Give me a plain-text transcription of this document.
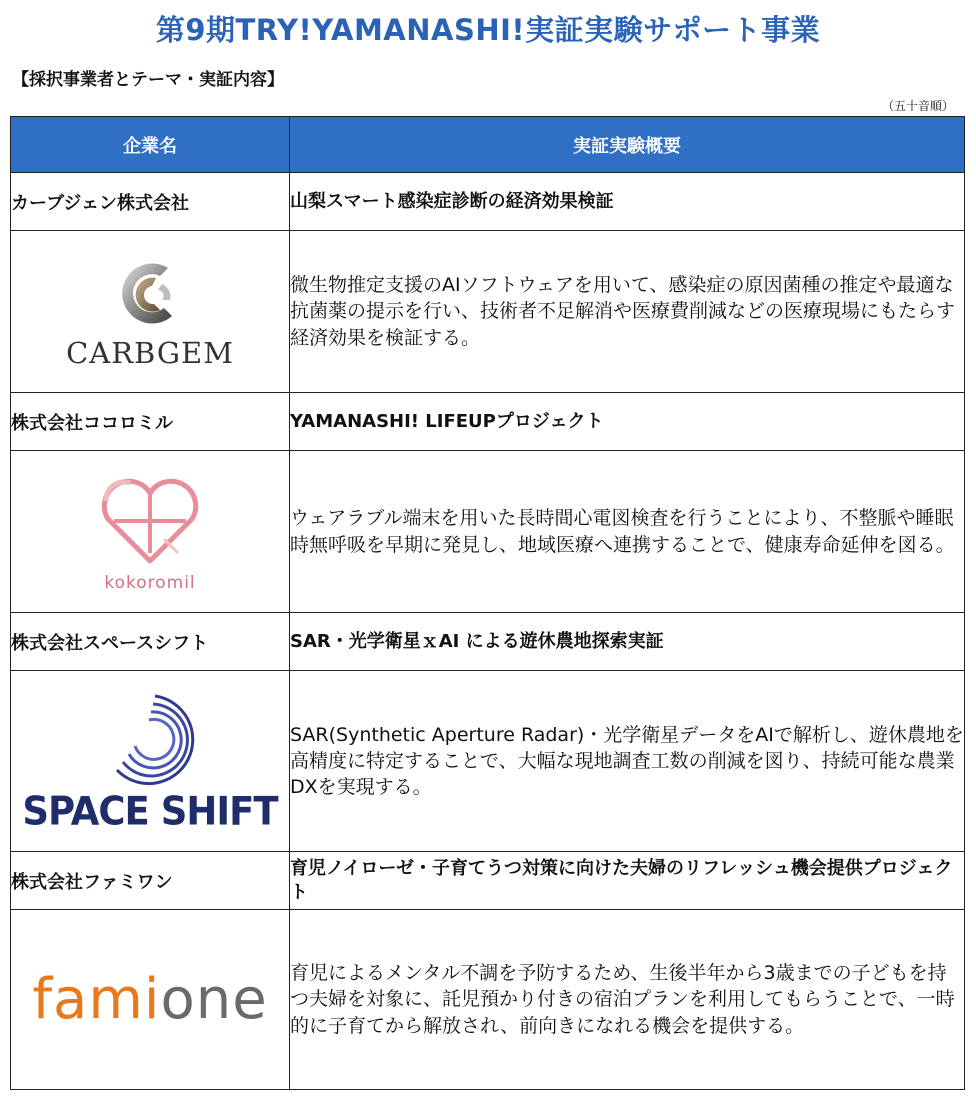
第9期TRY!YAMANASHI!実証実験サポート事業
【採択事業者とテーマ・実証内容】
（五十音順）
企業名	実証実験概要
カーブジェン株式会社	山梨スマート感染症診断の経済効果検証

CARBGEM	微生物推定支援のAIソフトウェアを用いて、感染症の原因菌種の推定や最適な抗菌薬の提示を行い、技術者不足解消や医療費削減などの医療現場にもたらす経済効果を検証する。
株式会社ココロミル	YAMANASHI! LIFEUPプロジェクト

kokoromil	ウェアラブル端末を用いた長時間心電図検査を行うことにより、不整脈や睡眠時無呼吸を早期に発見し、地域医療へ連携することで、健康寿命延伸を図る。
株式会社スペースシフト	SAR・光学衛星ｘAI による遊休農地探索実証

SPACE SHIFT	SAR(Synthetic Aperture Radar)・光学衛星データをAIで解析し、遊休農地を高精度に特定することで、大幅な現地調査工数の削減を図り、持続可能な農業DXを実現する。
株式会社ファミワン	育児ノイローゼ・子育てうつ対策に向けた夫婦のリフレッシュ機会提供プロジェクト

famione	育児によるメンタル不調を予防するため、生後半年から3歳までの子どもを持つ夫婦を対象に、託児預かり付きの宿泊プランを利用してもらうことで、一時的に子育てから解放され、前向きになれる機会を提供する。
